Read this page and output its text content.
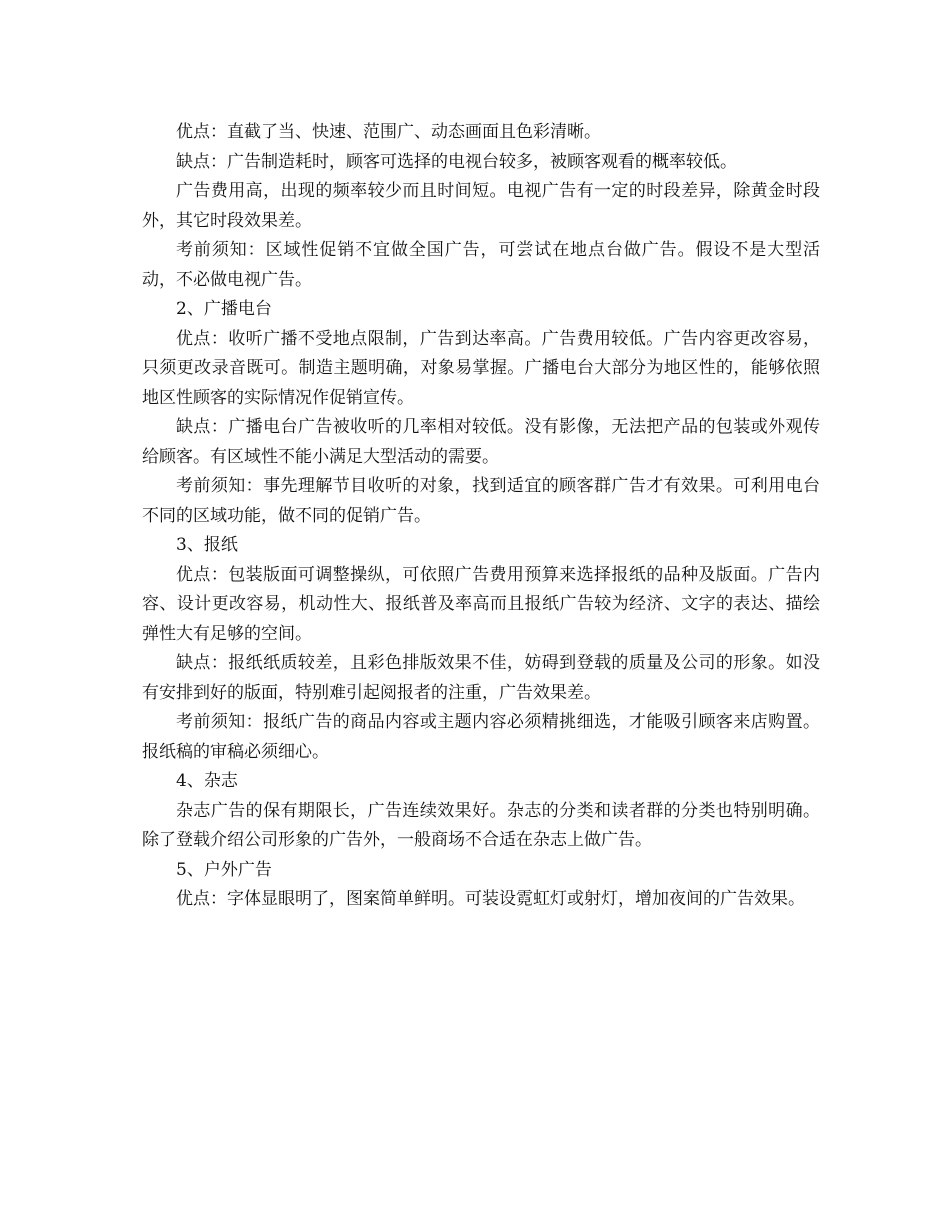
优点：直截了当、快速、范围广、动态画面且色彩清晰。

缺点：广告制造耗时，顾客可选择的电视台较多，被顾客观看的概率较低。

广告费用高，出现的频率较少而且时间短。电视广告有一定的时段差异，除黄金时段外，其它时段效果差。

考前须知：区域性促销不宜做全国广告，可尝试在地点台做广告。假设不是大型活动，不必做电视广告。

2、广播电台

优点：收听广播不受地点限制，广告到达率高。广告费用较低。广告内容更改容易，只须更改录音既可。制造主题明确，对象易掌握。广播电台大部分为地区性的，能够依照地区性顾客的实际情况作促销宣传。

缺点：广播电台广告被收听的几率相对较低。没有影像，无法把产品的包装或外观传给顾客。有区域性不能小满足大型活动的需要。

考前须知：事先理解节目收听的对象，找到适宜的顾客群广告才有效果。可利用电台不同的区域功能，做不同的促销广告。

3、报纸

优点：包装版面可调整操纵，可依照广告费用预算来选择报纸的品种及版面。广告内容、设计更改容易，机动性大、报纸普及率高而且报纸广告较为经济、文字的表达、描绘弹性大有足够的空间。

缺点：报纸纸质较差，且彩色排版效果不佳，妨碍到登载的质量及公司的形象。如没有安排到好的版面，特别难引起阅报者的注重，广告效果差。

考前须知：报纸广告的商品内容或主题内容必须精挑细选，才能吸引顾客来店购置。报纸稿的审稿必须细心。

4、杂志

杂志广告的保有期限长，广告连续效果好。杂志的分类和读者群的分类也特别明确。除了登载介绍公司形象的广告外，一般商场不合适在杂志上做广告。

5、户外广告

优点：字体显眼明了，图案简单鲜明。可装设霓虹灯或射灯，增加夜间的广告效果。
